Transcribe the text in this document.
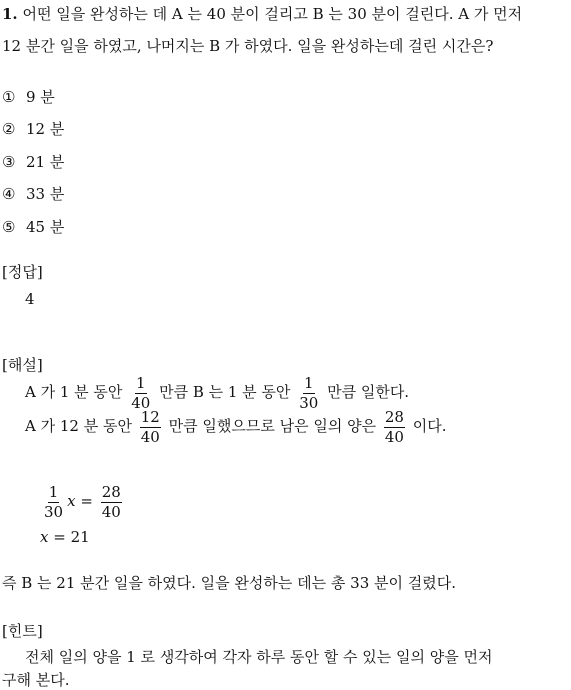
1. 어떤 일을 완성하는 데 A 는 40 분이 걸리고 B 는 30 분이 걸린다. A 가 먼저
12 분간 일을 하였고, 나머지는 B 가 하였다. 일을 완성하는데 걸린 시간은?
① 9 분
② 12 분
③ 21 분
④ 33 분
⑤ 45 분
[정답]
4
[해설]
A 가 1 분 동안 $\frac{1}{40}$ 만큼 B 는 1 분 동안 $\frac{1}{30}$ 만큼 일한다.
A 가 12 분 동안 $\frac{12}{40}$ 만큼 일했으므로 남은 일의 양은 $\frac{28}{40}$ 이다.
$\frac{1}{30}$ $x = \frac{28}{40}$
x = 21
즉 B 는 21 분간 일을 하였다. 일을 완성하는 데는 총 33 분이 걸렸다.
[힌트]
전체 일의 양을 1 로 생각하여 각자 하루 동안 할 수 있는 일의 양을 먼저
구해 본다.
